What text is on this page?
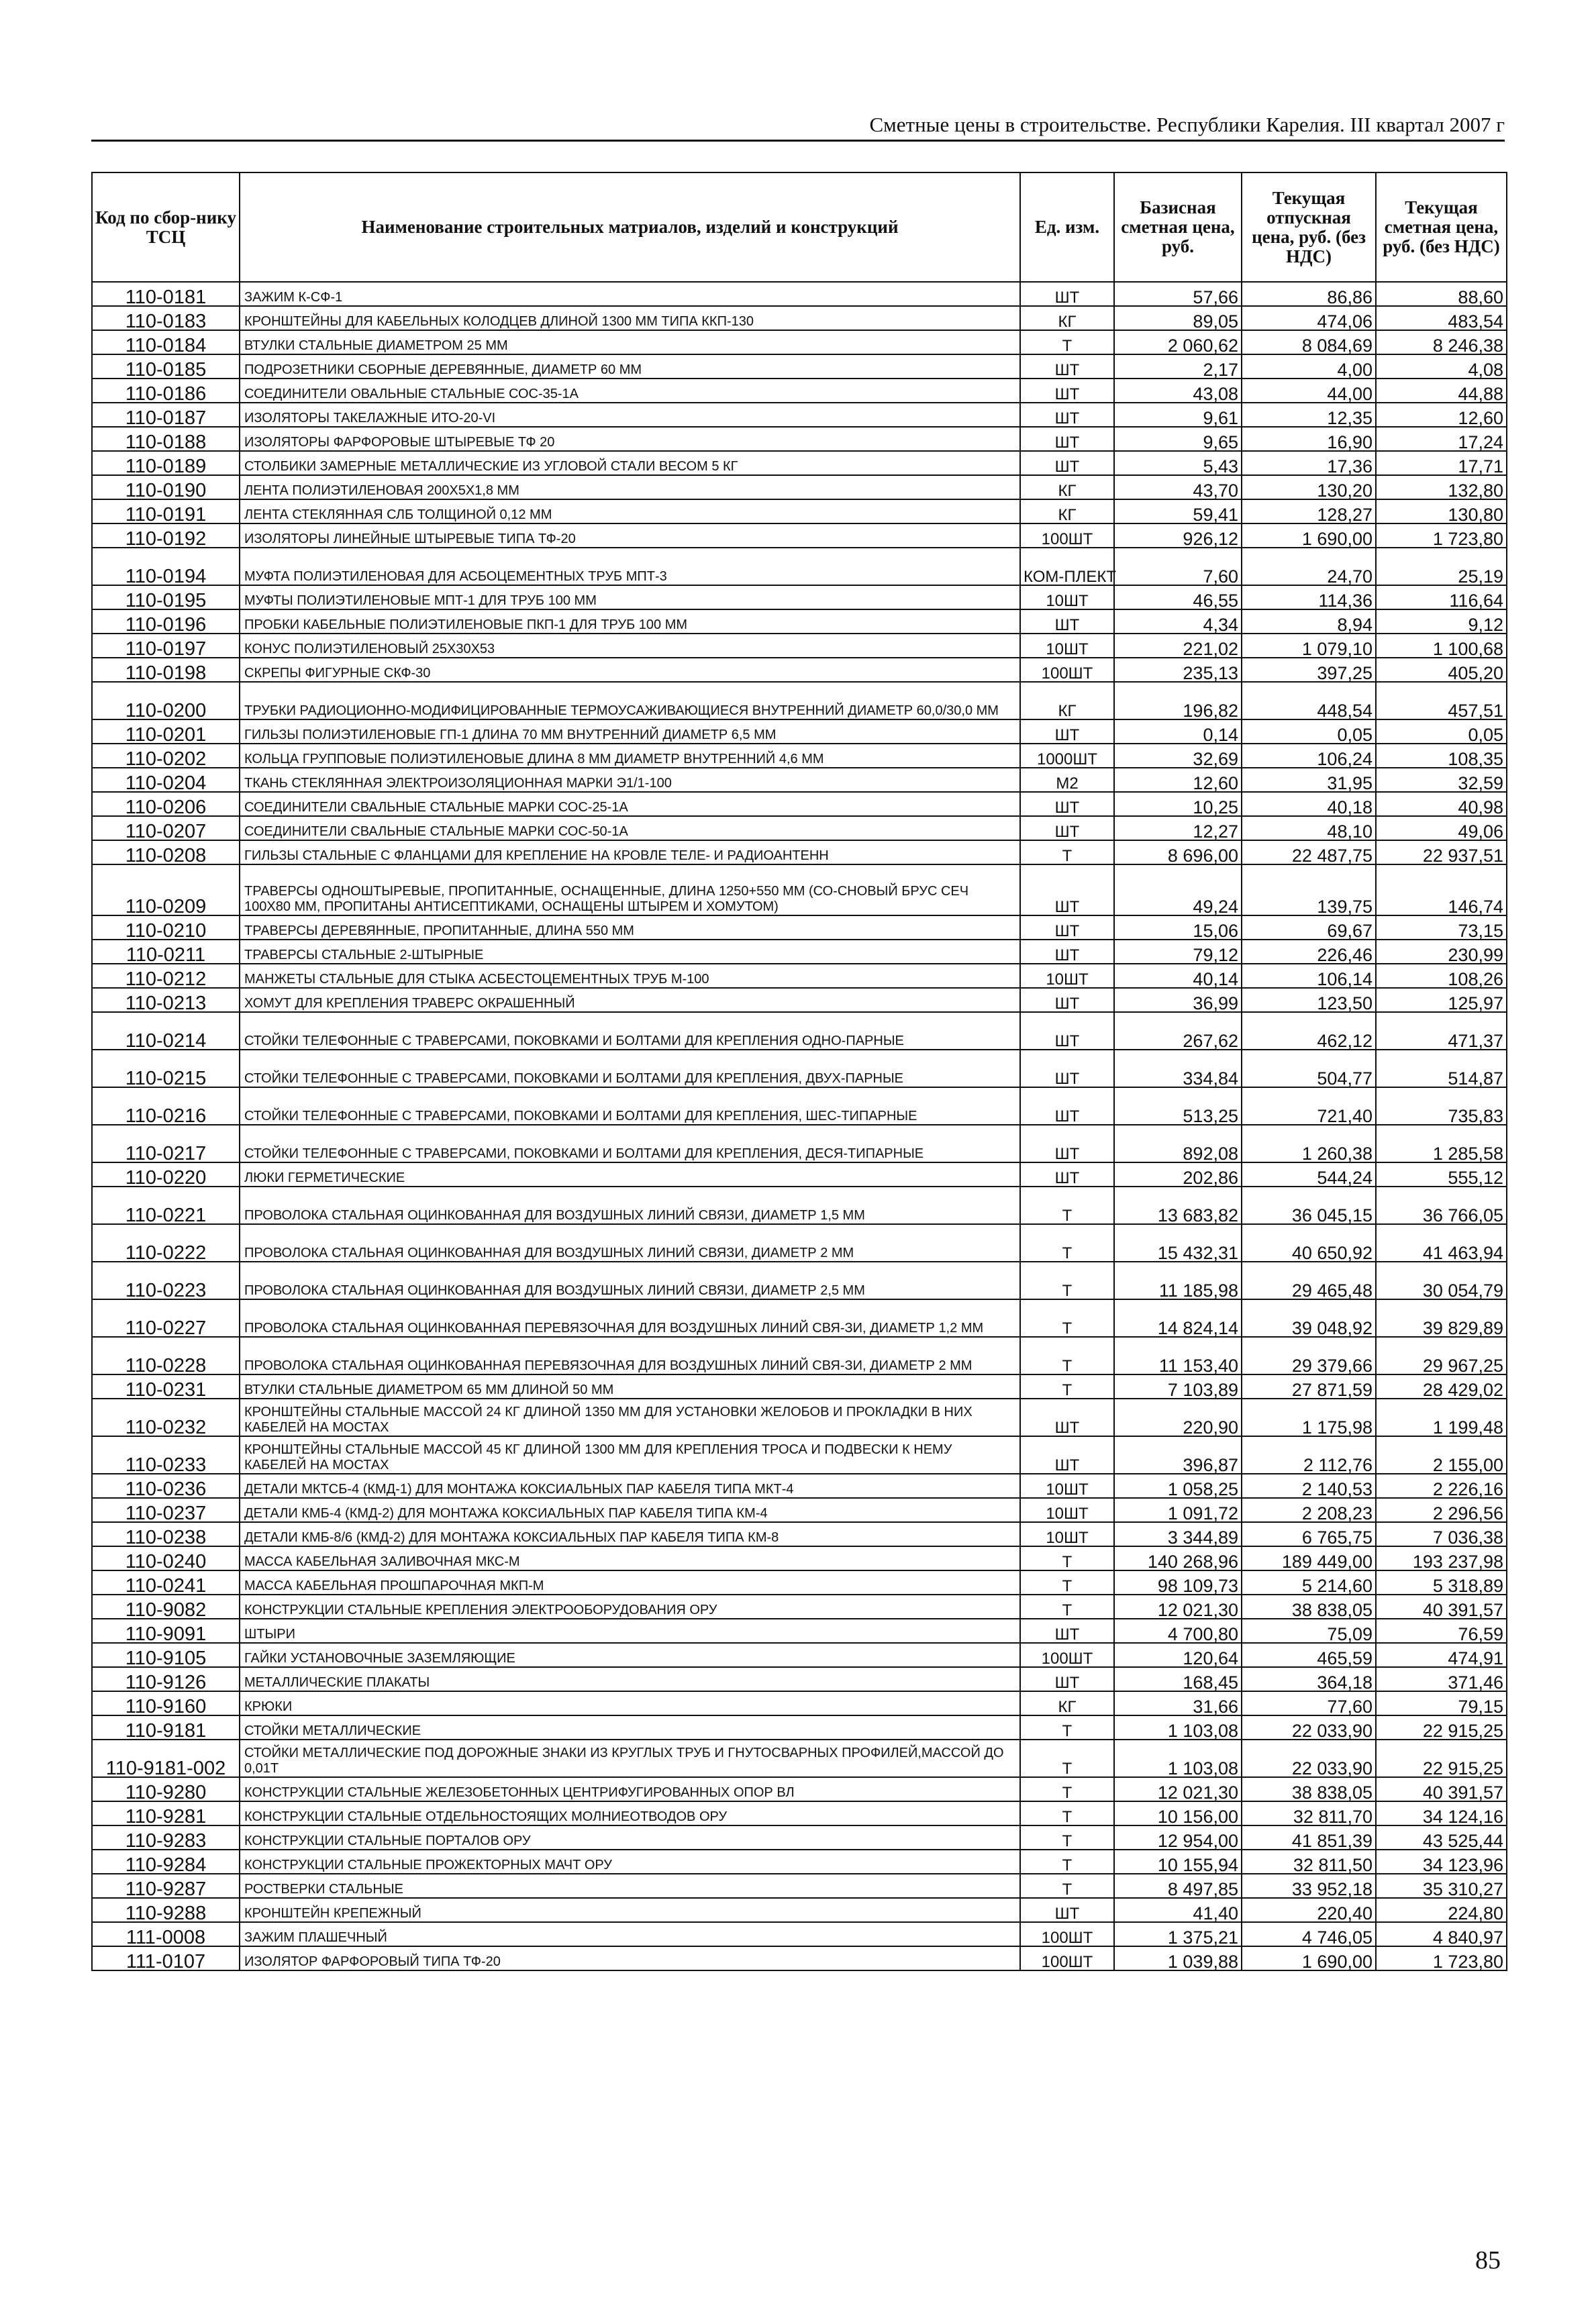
Сметные цены в строительстве. Республики Карелия. III квартал 2007 г
Код по сбор-нику ТСЦ	Наименование строительных матриалов, изделий и конструкций	Ед. изм.	Базисная сметная цена, руб.	Текущая отпускная цена, руб. (без НДС)	Текущая сметная цена, руб. (без НДС)
110-0181	ЗАЖИМ К-СФ-1	ШТ	57,66	86,86	88,60
110-0183	КРОНШТЕЙНЫ ДЛЯ КАБЕЛЬНЫХ КОЛОДЦЕВ ДЛИНОЙ 1300 ММ ТИПА ККП-130	КГ	89,05	474,06	483,54
110-0184	ВТУЛКИ СТАЛЬНЫЕ ДИАМЕТРОМ 25 ММ	Т	2 060,62	8 084,69	8 246,38
110-0185	ПОДРОЗЕТНИКИ СБОРНЫЕ ДЕРЕВЯННЫЕ, ДИАМЕТР 60 ММ	ШТ	2,17	4,00	4,08
110-0186	СОЕДИНИТЕЛИ ОВАЛЬНЫЕ СТАЛЬНЫЕ СОС-35-1А	ШТ	43,08	44,00	44,88
110-0187	ИЗОЛЯТОРЫ ТАКЕЛАЖНЫЕ ИТО-20-VI	ШТ	9,61	12,35	12,60
110-0188	ИЗОЛЯТОРЫ ФАРФОРОВЫЕ ШТЫРЕВЫЕ ТФ 20	ШТ	9,65	16,90	17,24
110-0189	СТОЛБИКИ ЗАМЕРНЫЕ МЕТАЛЛИЧЕСКИЕ ИЗ УГЛОВОЙ СТАЛИ ВЕСОМ 5 КГ	ШТ	5,43	17,36	17,71
110-0190	ЛЕНТА ПОЛИЭТИЛЕНОВАЯ 200Х5Х1,8 ММ	КГ	43,70	130,20	132,80
110-0191	ЛЕНТА СТЕКЛЯННАЯ СЛБ ТОЛЩИНОЙ 0,12 ММ	КГ	59,41	128,27	130,80
110-0192	ИЗОЛЯТОРЫ ЛИНЕЙНЫЕ ШТЫРЕВЫЕ ТИПА ТФ-20	100ШТ	926,12	1 690,00	1 723,80
110-0194	МУФТА ПОЛИЭТИЛЕНОВАЯ ДЛЯ АСБОЦЕМЕНТНЫХ ТРУБ МПТ-3	КОМ-ПЛЕКТ	7,60	24,70	25,19
110-0195	МУФТЫ ПОЛИЭТИЛЕНОВЫЕ МПТ-1 ДЛЯ ТРУБ 100 ММ	10ШТ	46,55	114,36	116,64
110-0196	ПРОБКИ КАБЕЛЬНЫЕ ПОЛИЭТИЛЕНОВЫЕ ПКП-1 ДЛЯ ТРУБ 100 ММ	ШТ	4,34	8,94	9,12
110-0197	КОНУС ПОЛИЭТИЛЕНОВЫЙ 25Х30Х53	10ШТ	221,02	1 079,10	1 100,68
110-0198	СКРЕПЫ ФИГУРНЫЕ СКФ-30	100ШТ	235,13	397,25	405,20
110-0200	ТРУБКИ РАДИОЦИОННО-МОДИФИЦИРОВАННЫЕ ТЕРМОУСАЖИВАЮЩИЕСЯ ВНУТРЕННИЙ ДИАМЕТР 60,0/30,0 ММ	КГ	196,82	448,54	457,51
110-0201	ГИЛЬЗЫ ПОЛИЭТИЛЕНОВЫЕ ГП-1 ДЛИНА 70 ММ ВНУТРЕННИЙ ДИАМЕТР 6,5 ММ	ШТ	0,14	0,05	0,05
110-0202	КОЛЬЦА ГРУППОВЫЕ ПОЛИЭТИЛЕНОВЫЕ ДЛИНА 8 ММ ДИАМЕТР ВНУТРЕННИЙ 4,6 ММ	1000ШТ	32,69	106,24	108,35
110-0204	ТКАНЬ СТЕКЛЯННАЯ ЭЛЕКТРОИЗОЛЯЦИОННАЯ МАРКИ Э1/1-100	М2	12,60	31,95	32,59
110-0206	СОЕДИНИТЕЛИ СВАЛЬНЫЕ СТАЛЬНЫЕ МАРКИ СОС-25-1А	ШТ	10,25	40,18	40,98
110-0207	СОЕДИНИТЕЛИ СВАЛЬНЫЕ СТАЛЬНЫЕ МАРКИ СОС-50-1А	ШТ	12,27	48,10	49,06
110-0208	ГИЛЬЗЫ СТАЛЬНЫЕ С ФЛАНЦАМИ ДЛЯ КРЕПЛЕНИЕ НА КРОВЛЕ ТЕЛЕ- И РАДИОАНТЕНН	Т	8 696,00	22 487,75	22 937,51
110-0209	ТРАВЕРСЫ ОДНОШТЫРЕВЫЕ, ПРОПИТАННЫЕ, ОСНАЩЕННЫЕ, ДЛИНА 1250+550 ММ (СО-СНОВЫЙ БРУС СЕЧ 100Х80 ММ, ПРОПИТАНЫ АНТИСЕПТИКАМИ, ОСНАЩЕНЫ ШТЫРЕМ И ХОМУТОМ)	ШТ	49,24	139,75	146,74
110-0210	ТРАВЕРСЫ ДЕРЕВЯННЫЕ, ПРОПИТАННЫЕ, ДЛИНА 550 ММ	ШТ	15,06	69,67	73,15
110-0211	ТРАВЕРСЫ СТАЛЬНЫЕ 2-ШТЫРНЫЕ	ШТ	79,12	226,46	230,99
110-0212	МАНЖЕТЫ СТАЛЬНЫЕ ДЛЯ СТЫКА АСБЕСТОЦЕМЕНТНЫХ ТРУБ М-100	10ШТ	40,14	106,14	108,26
110-0213	ХОМУТ ДЛЯ КРЕПЛЕНИЯ ТРАВЕРС ОКРАШЕННЫЙ	ШТ	36,99	123,50	125,97
110-0214	СТОЙКИ ТЕЛЕФОННЫЕ С ТРАВЕРСАМИ, ПОКОВКАМИ И БОЛТАМИ ДЛЯ КРЕПЛЕНИЯ ОДНО-ПАРНЫЕ	ШТ	267,62	462,12	471,37
110-0215	СТОЙКИ ТЕЛЕФОННЫЕ С ТРАВЕРСАМИ, ПОКОВКАМИ И БОЛТАМИ ДЛЯ КРЕПЛЕНИЯ, ДВУХ-ПАРНЫЕ	ШТ	334,84	504,77	514,87
110-0216	СТОЙКИ ТЕЛЕФОННЫЕ С ТРАВЕРСАМИ, ПОКОВКАМИ И БОЛТАМИ ДЛЯ КРЕПЛЕНИЯ, ШЕС-ТИПАРНЫЕ	ШТ	513,25	721,40	735,83
110-0217	СТОЙКИ ТЕЛЕФОННЫЕ С ТРАВЕРСАМИ, ПОКОВКАМИ И БОЛТАМИ ДЛЯ КРЕПЛЕНИЯ, ДЕСЯ-ТИПАРНЫЕ	ШТ	892,08	1 260,38	1 285,58
110-0220	ЛЮКИ ГЕРМЕТИЧЕСКИЕ	ШТ	202,86	544,24	555,12
110-0221	ПРОВОЛОКА СТАЛЬНАЯ ОЦИНКОВАННАЯ ДЛЯ ВОЗДУШНЫХ ЛИНИЙ СВЯЗИ, ДИАМЕТР 1,5 ММ	Т	13 683,82	36 045,15	36 766,05
110-0222	ПРОВОЛОКА СТАЛЬНАЯ ОЦИНКОВАННАЯ ДЛЯ ВОЗДУШНЫХ ЛИНИЙ СВЯЗИ, ДИАМЕТР 2 ММ	Т	15 432,31	40 650,92	41 463,94
110-0223	ПРОВОЛОКА СТАЛЬНАЯ ОЦИНКОВАННАЯ ДЛЯ ВОЗДУШНЫХ ЛИНИЙ СВЯЗИ, ДИАМЕТР 2,5 ММ	Т	11 185,98	29 465,48	30 054,79
110-0227	ПРОВОЛОКА СТАЛЬНАЯ ОЦИНКОВАННАЯ ПЕРЕВЯЗОЧНАЯ ДЛЯ ВОЗДУШНЫХ ЛИНИЙ СВЯ-ЗИ, ДИАМЕТР 1,2 ММ	Т	14 824,14	39 048,92	39 829,89
110-0228	ПРОВОЛОКА СТАЛЬНАЯ ОЦИНКОВАННАЯ ПЕРЕВЯЗОЧНАЯ ДЛЯ ВОЗДУШНЫХ ЛИНИЙ СВЯ-ЗИ, ДИАМЕТР 2 ММ	Т	11 153,40	29 379,66	29 967,25
110-0231	ВТУЛКИ СТАЛЬНЫЕ ДИАМЕТРОМ 65 ММ ДЛИНОЙ 50 ММ	Т	7 103,89	27 871,59	28 429,02
110-0232	КРОНШТЕЙНЫ СТАЛЬНЫЕ МАССОЙ 24 КГ ДЛИНОЙ 1350 ММ ДЛЯ УСТАНОВКИ ЖЕЛОБОВ И ПРОКЛАДКИ В НИХ КАБЕЛЕЙ НА МОСТАХ	ШТ	220,90	1 175,98	1 199,48
110-0233	КРОНШТЕЙНЫ СТАЛЬНЫЕ МАССОЙ 45 КГ ДЛИНОЙ 1300 ММ ДЛЯ КРЕПЛЕНИЯ ТРОСА И ПОДВЕСКИ К НЕМУ КАБЕЛЕЙ НА МОСТАХ	ШТ	396,87	2 112,76	2 155,00
110-0236	ДЕТАЛИ МКТСБ-4 (КМД-1) ДЛЯ МОНТАЖА КОКСИАЛЬНЫХ ПАР КАБЕЛЯ ТИПА МКТ-4	10ШТ	1 058,25	2 140,53	2 226,16
110-0237	ДЕТАЛИ КМБ-4 (КМД-2) ДЛЯ МОНТАЖА КОКСИАЛЬНЫХ ПАР КАБЕЛЯ ТИПА КМ-4	10ШТ	1 091,72	2 208,23	2 296,56
110-0238	ДЕТАЛИ КМБ-8/6 (КМД-2) ДЛЯ МОНТАЖА КОКСИАЛЬНЫХ ПАР КАБЕЛЯ ТИПА КМ-8	10ШТ	3 344,89	6 765,75	7 036,38
110-0240	МАССА КАБЕЛЬНАЯ ЗАЛИВОЧНАЯ МКС-М	Т	140 268,96	189 449,00	193 237,98
110-0241	МАССА КАБЕЛЬНАЯ ПРОШПАРОЧНАЯ МКП-М	Т	98 109,73	5 214,60	5 318,89
110-9082	КОНСТРУКЦИИ СТАЛЬНЫЕ КРЕПЛЕНИЯ ЭЛЕКТРООБОРУДОВАНИЯ ОРУ	Т	12 021,30	38 838,05	40 391,57
110-9091	ШТЫРИ	ШТ	4 700,80	75,09	76,59
110-9105	ГАЙКИ УСТАНОВОЧНЫЕ ЗАЗЕМЛЯЮЩИЕ	100ШТ	120,64	465,59	474,91
110-9126	МЕТАЛЛИЧЕСКИЕ ПЛАКАТЫ	ШТ	168,45	364,18	371,46
110-9160	КРЮКИ	КГ	31,66	77,60	79,15
110-9181	СТОЙКИ МЕТАЛЛИЧЕСКИЕ	Т	1 103,08	22 033,90	22 915,25
110-9181-002	СТОЙКИ МЕТАЛЛИЧЕСКИЕ ПОД ДОРОЖНЫЕ ЗНАКИ ИЗ КРУГЛЫХ ТРУБ И ГНУТОСВАРНЫХ ПРОФИЛЕЙ,МАССОЙ ДО 0,01Т	Т	1 103,08	22 033,90	22 915,25
110-9280	КОНСТРУКЦИИ СТАЛЬНЫЕ ЖЕЛЕЗОБЕТОННЫХ ЦЕНТРИФУГИРОВАННЫХ ОПОР ВЛ	Т	12 021,30	38 838,05	40 391,57
110-9281	КОНСТРУКЦИИ СТАЛЬНЫЕ ОТДЕЛЬНОСТОЯЩИХ МОЛНИЕОТВОДОВ ОРУ	Т	10 156,00	32 811,70	34 124,16
110-9283	КОНСТРУКЦИИ СТАЛЬНЫЕ ПОРТАЛОВ ОРУ	Т	12 954,00	41 851,39	43 525,44
110-9284	КОНСТРУКЦИИ СТАЛЬНЫЕ ПРОЖЕКТОРНЫХ МАЧТ ОРУ	Т	10 155,94	32 811,50	34 123,96
110-9287	РОСТВЕРКИ СТАЛЬНЫЕ	Т	8 497,85	33 952,18	35 310,27
110-9288	КРОНШТЕЙН КРЕПЕЖНЫЙ	ШТ	41,40	220,40	224,80
111-0008	ЗАЖИМ ПЛАШЕЧНЫЙ	100ШТ	1 375,21	4 746,05	4 840,97
111-0107	ИЗОЛЯТОР ФАРФОРОВЫЙ ТИПА ТФ-20	100ШТ	1 039,88	1 690,00	1 723,80
85
